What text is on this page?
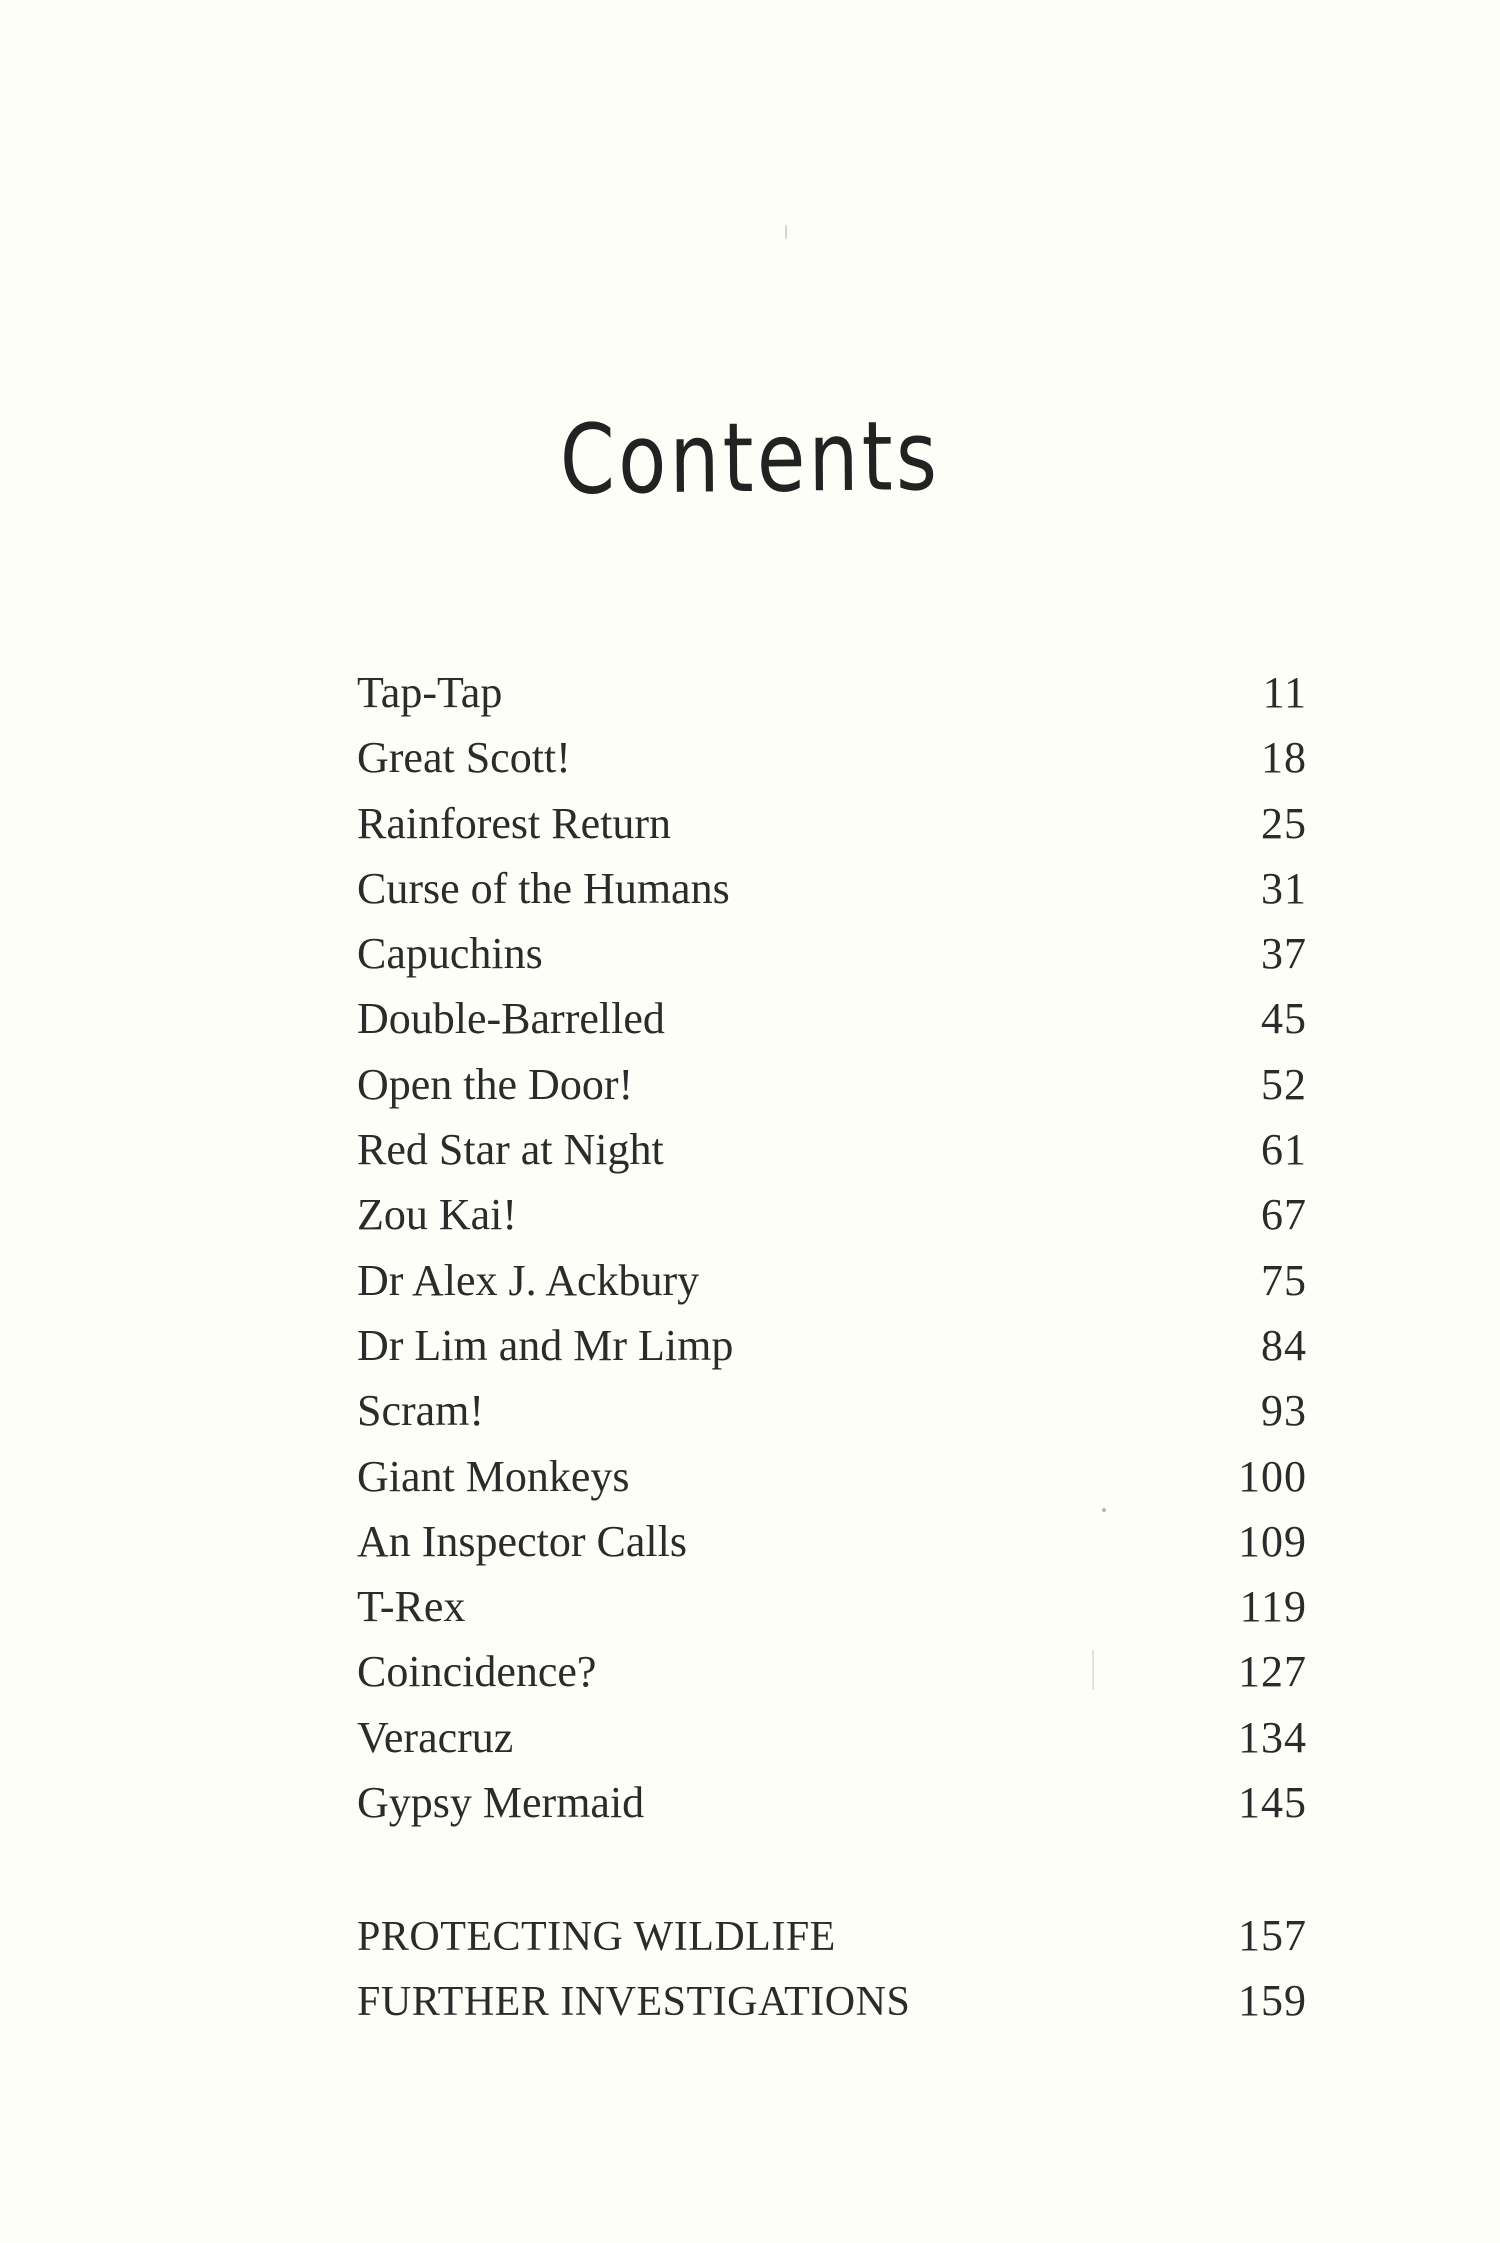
Contents
Tap-Tap	11
Great Scott!	18
Rainforest Return	25
Curse of the Humans	31
Capuchins	37
Double-Barrelled	45
Open the Door!	52
Red Star at Night	61
Zou Kai!	67
Dr Alex J. Ackbury	75
Dr Lim and Mr Limp	84
Scram!	93
Giant Monkeys	100
An Inspector Calls	109
T-Rex	119
Coincidence?	127
Veracruz	134
Gypsy Mermaid	145
PROTECTING WILDLIFE	157
FURTHER INVESTIGATIONS	159
